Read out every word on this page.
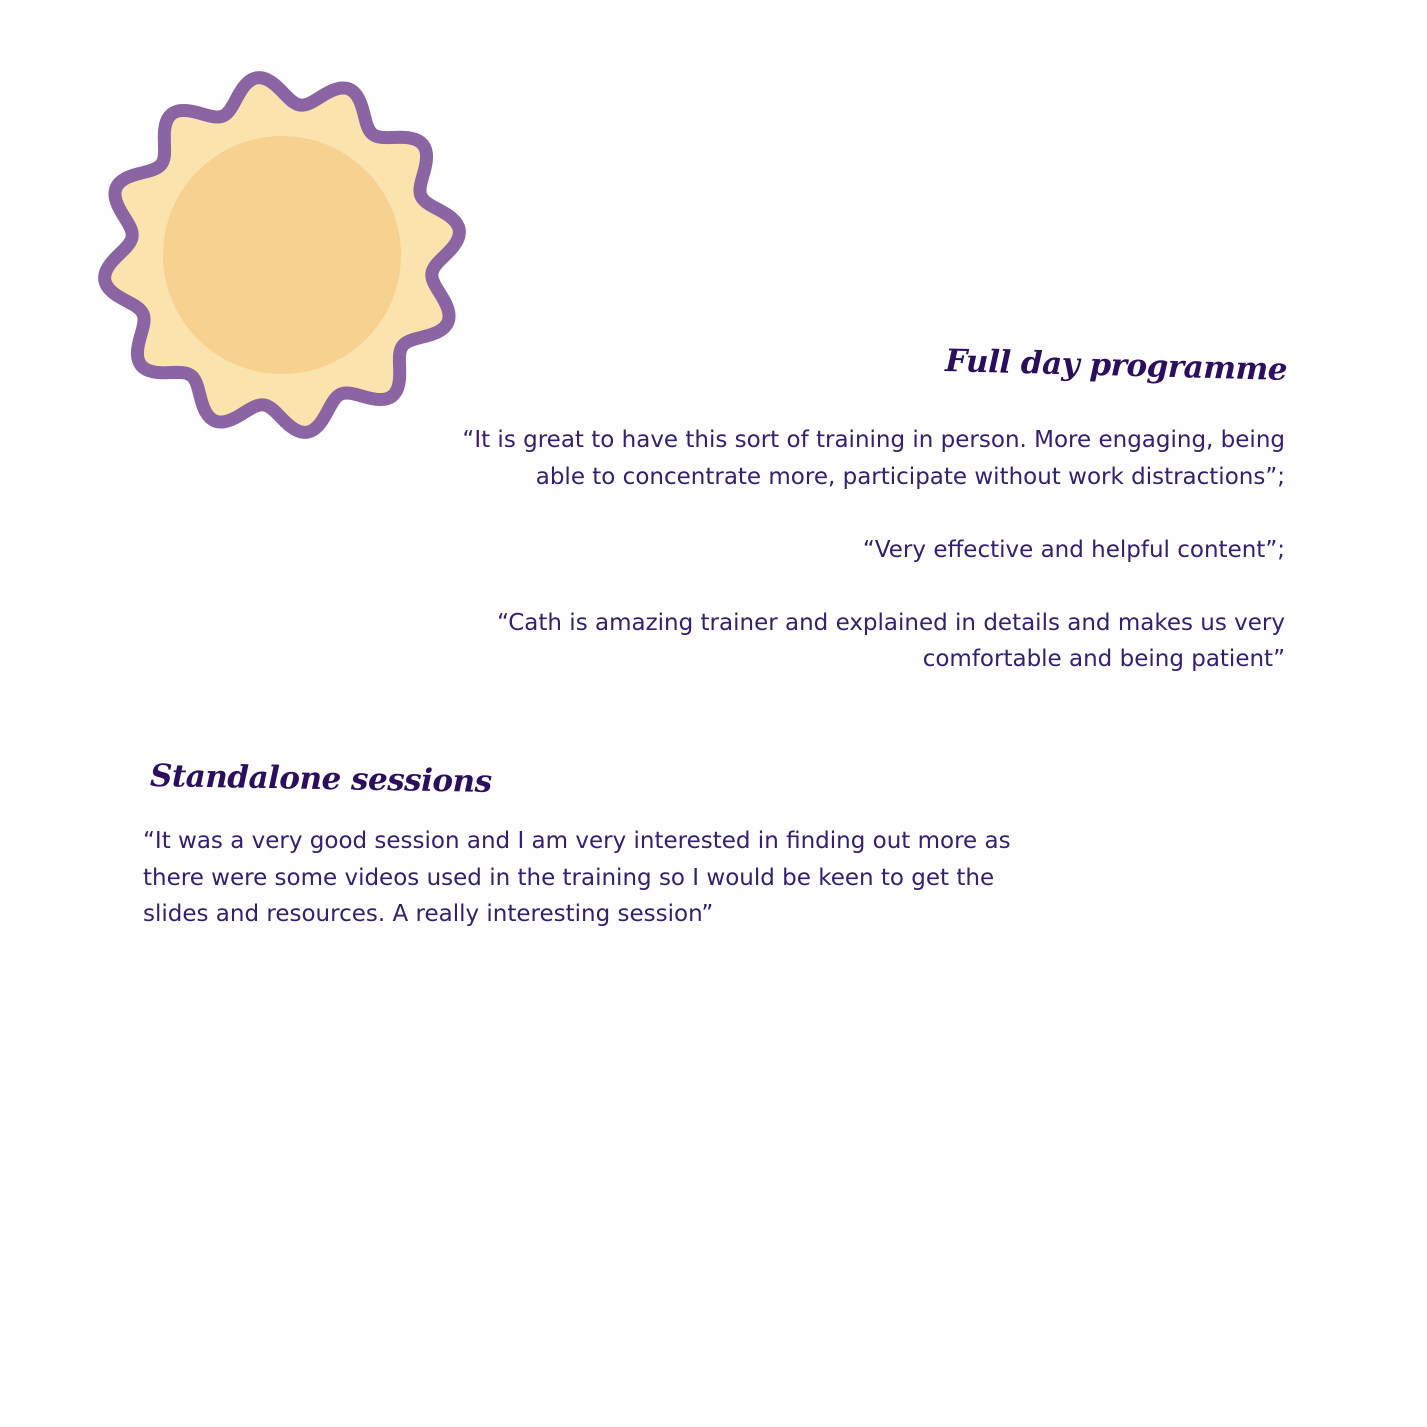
Full day programme

“It is great to have this sort of training in person. More engaging, being able to concentrate more, participate without work distractions”;

“Very effective and helpful content”;

“Cath is amazing trainer and explained in details and makes us very comfortable and being patient”

Standalone sessions

“It was a very good session and I am very interested in finding out more as there were some videos used in the training so I would be keen to get the slides and resources. A really interesting session”
